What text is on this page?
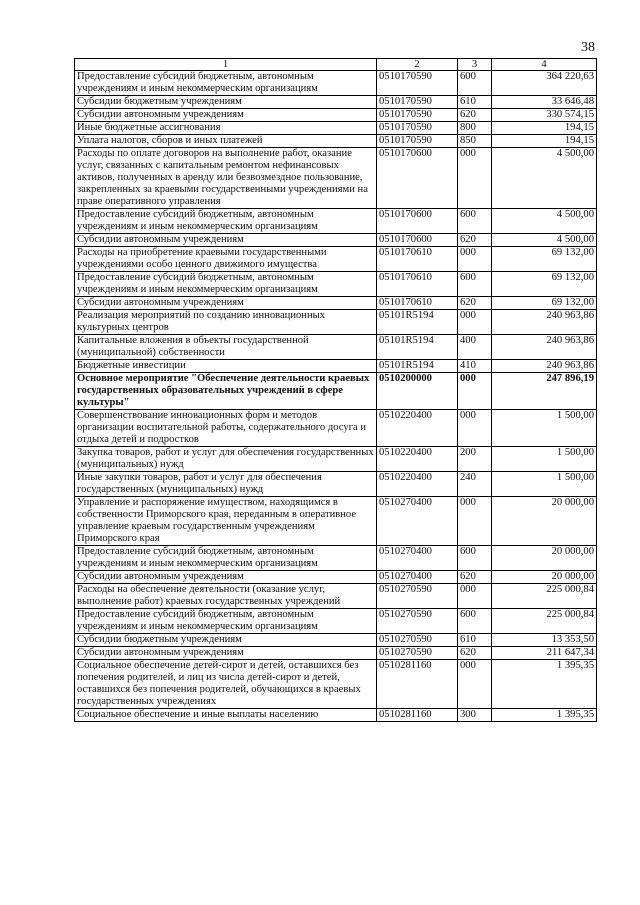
38
1	2	3	4
Предоставление субсидий бюджетным, автономным учреждениям и иным некоммерческим организациям	0510170590	600	364 220,63
Субсидии бюджетным учреждениям	0510170590	610	33 646,48
Субсидии автономным учреждениям	0510170590	620	330 574,15
Иные бюджетные ассигнования	0510170590	800	194,15
Уплата налогов, сборов и иных платежей	0510170590	850	194,15
Расходы по оплате договоров на выполнение работ, оказание услуг, связанных с капитальным ремонтом нефинансовых активов, полученных в аренду или безвозмездное пользование, закрепленных за краевыми государственными учреждениями на праве оперативного управления	0510170600	000	4 500,00
Предоставление субсидий бюджетным, автономным учреждениям и иным некоммерческим организациям	0510170600	600	4 500,00
Субсидии автономным учреждениям	0510170600	620	4 500,00
Расходы на приобретение краевыми государственными учреждениями особо ценного движимого имущества	0510170610	000	69 132,00
Предоставление субсидий бюджетным, автономным учреждениям и иным некоммерческим организациям	0510170610	600	69 132,00
Субсидии автономным учреждениям	0510170610	620	69 132,00
Реализация мероприятий по созданию инновационных культурных центров	05101R5194	000	240 963,86
Капитальные вложения в объекты государственной (муниципальной) собственности	05101R5194	400	240 963,86
Бюджетные инвестиции	05101R5194	410	240 963,86
Основное мероприятие "Обеспечение деятельности краевых государственных образовательных учреждений в сфере культуры"	0510200000	000	247 896,19
Совершенствование инновационных форм и методов организации воспитательной работы, содержательного досуга и отдыха детей и подростков	0510220400	000	1 500,00
Закупка товаров, работ и услуг для обеспечения государственных (муниципальных) нужд	0510220400	200	1 500,00
Иные закупки товаров, работ и услуг для обеспечения государственных (муниципальных) нужд	0510220400	240	1 500,00
Управление и распоряжение имуществом, находящимся в собственности Приморского края, переданным в оперативное управление краевым государственным учреждениям Приморского края	0510270400	000	20 000,00
Предоставление субсидий бюджетным, автономным учреждениям и иным некоммерческим организациям	0510270400	600	20 000,00
Субсидии автономным учреждениям	0510270400	620	20 000,00
Расходы на обеспечение деятельности (оказание услуг, выполнение работ) краевых государственных учреждений	0510270590	000	225 000,84
Предоставление субсидий бюджетным, автономным учреждениям и иным некоммерческим организациям	0510270590	600	225 000,84
Субсидии бюджетным учреждениям	0510270590	610	13 353,50
Субсидии автономным учреждениям	0510270590	620	211 647,34
Социальное обеспечение детей-сирот и детей, оставшихся без попечения родителей, и лиц из числа детей-сирот и детей, оставшихся без попечения родителей, обучающихся в краевых государственных учреждениях	0510281160	000	1 395,35
Социальное обеспечение и иные выплаты населению	0510281160	300	1 395,35
